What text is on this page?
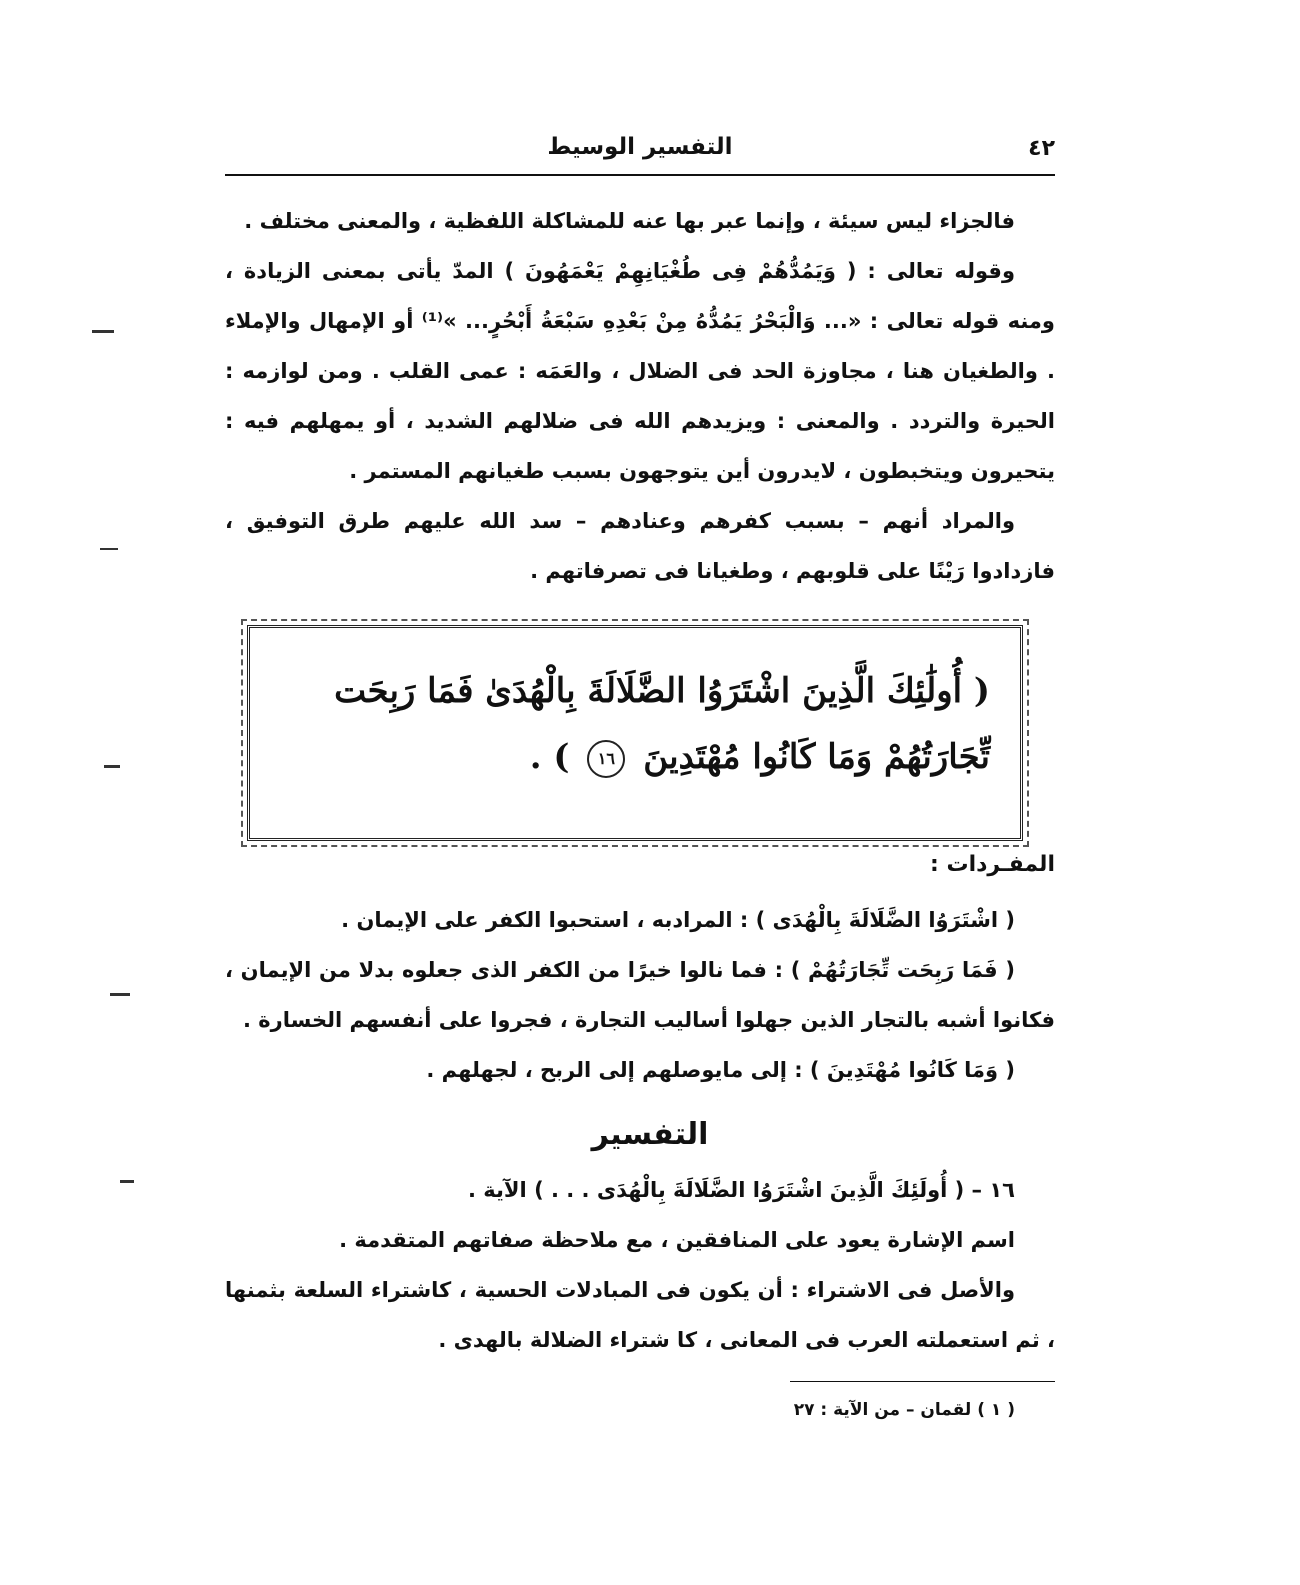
٤٢
التفسير الوسيط

فالجزاء ليس سيئة ، وإنما عبر بها عنه للمشاكلة اللفظية ، والمعنى مختلف .

وقوله تعالى : ( وَيَمُدُّهُمْ فِى طُغْيَانِهِمْ يَعْمَهُونَ ) المدّ يأتى بمعنى الزيادة ، ومنه قوله تعالى : «... وَالْبَحْرُ يَمُدُّهُ مِنْ بَعْدِهِ سَبْعَةُ أَبْحُرٍ... »⁽¹⁾ أو الإمهال والإملاء . والطغيان هنا ، مجاوزة الحد فى الضلال ، والعَمَه : عمى القلب . ومن لوازمه : الحيرة والتردد . والمعنى : ويزيدهم الله فى ضلالهم الشديد ، أو يمهلهم فيه : يتحيرون ويتخبطون ، لايدرون أين يتوجهون بسبب طغيانهم المستمر .

والمراد أنهم – بسبب كفرهم وعنادهم – سد الله عليهم طرق التوفيق ، فازدادوا رَيْنًا على قلوبهم ، وطغيانا فى تصرفاتهم .

( أُولَٰئِكَ الَّذِينَ اشْتَرَوُا الضَّلَالَةَ بِالْهُدَىٰ فَمَا رَبِحَت تِّجَارَتُهُمْ وَمَا كَانُوا مُهْتَدِينَ ١٦ ) .
المفـردات :

( اشْتَرَوُا الضَّلَالَةَ بِالْهُدَى ) : المرادبه ، استحبوا الكفر على الإيمان .

( فَمَا رَبِحَت تِّجَارَتُهُمْ ) : فما نالوا خيرًا من الكفر الذى جعلوه بدلا من الإيمان ، فكانوا أشبه بالتجار الذين جهلوا أساليب التجارة ، فجروا على أنفسهم الخسارة .

( وَمَا كَانُوا مُهْتَدِينَ ) : إلى مايوصلهم إلى الربح ، لجهلهم .

التفسير

١٦ – ( أُولَئِكَ الَّذِينَ اشْتَرَوُا الضَّلَالَةَ بِالْهُدَى . . . ) الآية .

اسم الإشارة يعود على المنافقين ، مع ملاحظة صفاتهم المتقدمة .

والأصل فى الاشتراء : أن يكون فى المبادلات الحسية ، كاشتراء السلعة بثمنها ، ثم استعملته العرب فى المعانى ، كا شتراء الضلالة بالهدى .

( ١ ) لقمان – من الآية : ٢٧
